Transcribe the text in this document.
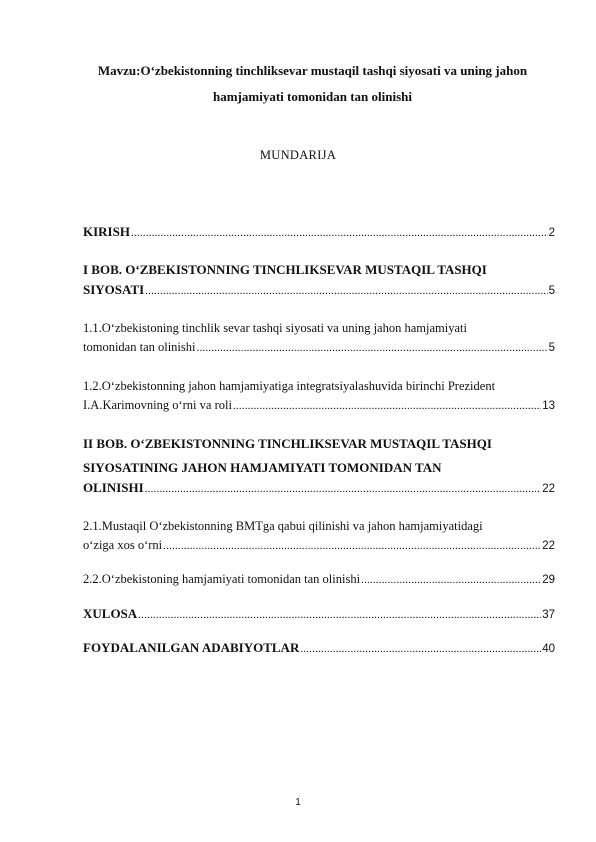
Mavzu:O‘zbekistonning tinchliksevar mustaqil tashqi siyosati va uning jahon
hamjamiyati tomonidan tan olinishi
MUNDARIJA
KIRISH .....	2
I BOB. O‘ZBEKISTONNING TINCHLIKSEVAR MUSTAQIL TASHQI
SIYOSATI .....	5
1.1.O‘zbekistoning tinchlik sevar tashqi siyosati va uning jahon hamjamiyati
tomonidan tan olinishi .....	5
1.2.O‘zbekistonning jahon hamjamiyatiga integratsiyalashuvida birinchi Prezident
I.A.Karimovning o‘rni va roli .....	13
II BOB. O‘ZBEKISTONNING TINCHLIKSEVAR MUSTAQIL TASHQI
SIYOSATINING JAHON HAMJAMIYATI TOMONIDAN TAN
OLINISHI .....	22
2.1.Mustaqil O‘zbekistonning BMTga qabui qilinishi va jahon hamjamiyatidagi
o‘ziga xos o‘rni .....	22
2.2.O‘zbekistoning hamjamiyati tomonidan tan olinishi .....	29
XULOSA .....	37
FOYDALANILGAN ADABIYOTLAR .....	40
1
